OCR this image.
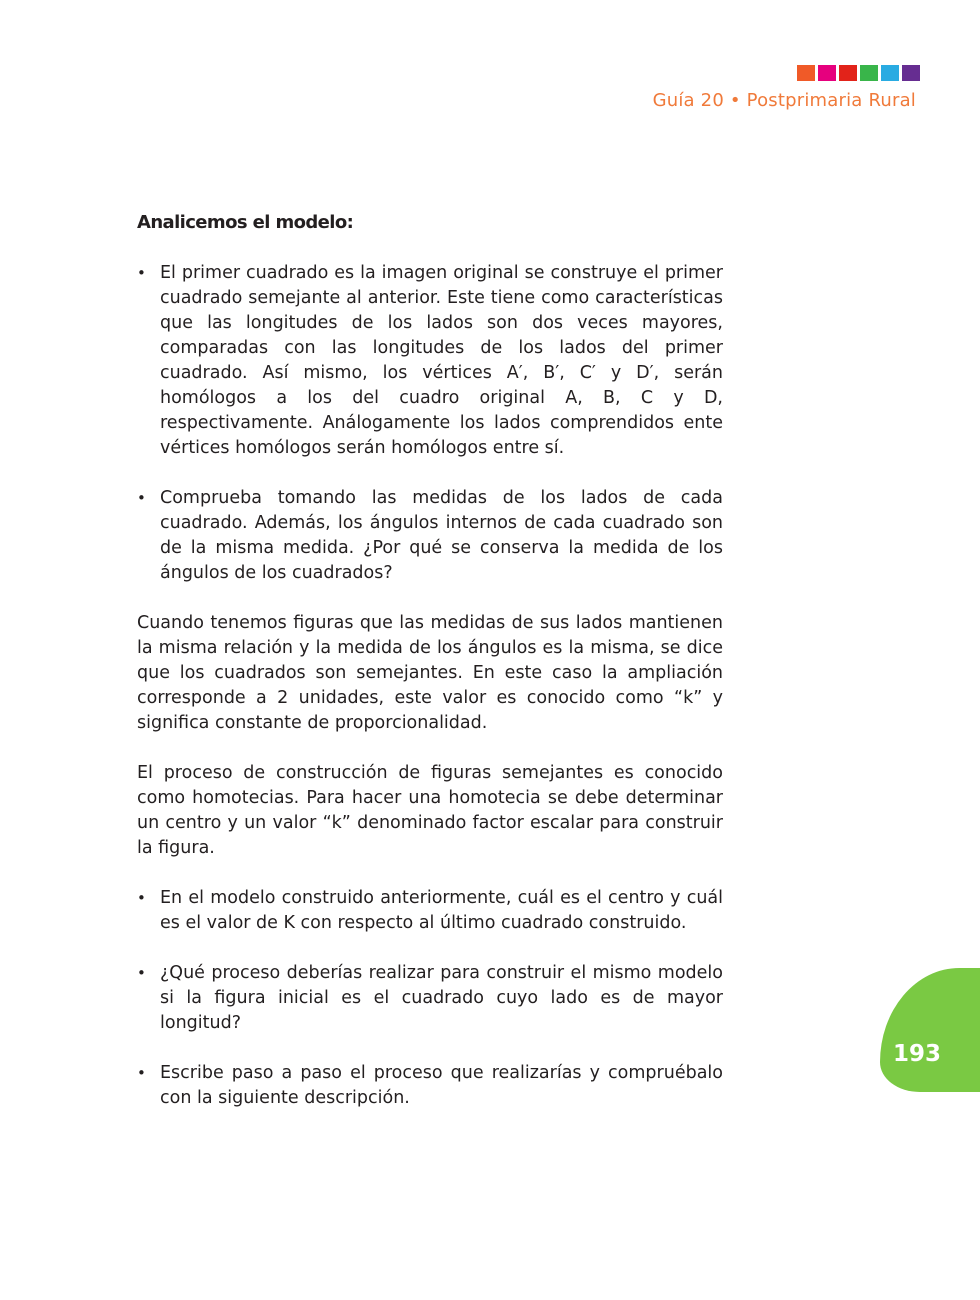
Guía 20 • Postprimaria Rural
Analicemos el modelo:
• El primer cuadrado es la imagen original se construye el primer cuadrado semejante al anterior. Este tiene como características que las longitudes de los lados son dos veces mayores, comparadas con las longitudes de los lados del primer cuadrado. Así mismo, los vértices A′, B′, C′ y D′, serán homólogos a los del cuadro original A, B, C y D, respectivamente. Análogamente los lados comprendidos ente vértices homólogos serán homólogos entre sí.
• Comprueba tomando las medidas de los lados de cada cuadrado. Además, los ángulos internos de cada cuadrado son de la misma medida. ¿Por qué se conserva la medida de los ángulos de los cuadrados?

Cuando tenemos figuras que las medidas de sus lados mantienen la misma relación y la medida de los ángulos es la misma, se dice que los cuadrados son semejantes. En este caso la ampliación corresponde a 2 unidades, este valor es conocido como “k” y significa constante de proporcionalidad.

El proceso de construcción de figuras semejantes es conocido como homotecias. Para hacer una homotecia se debe determinar un centro y un valor “k” denominado factor escalar para construir la figura.

• En el modelo construido anteriormente, cuál es el centro y cuál es el valor de K con respecto al último cuadrado construido.
• ¿Qué proceso deberías realizar para construir el mismo modelo si la figura inicial es el cuadrado cuyo lado es de mayor longitud?
• Escribe paso a paso el proceso que realizarías y compruébalo con la siguiente descripción.
193
